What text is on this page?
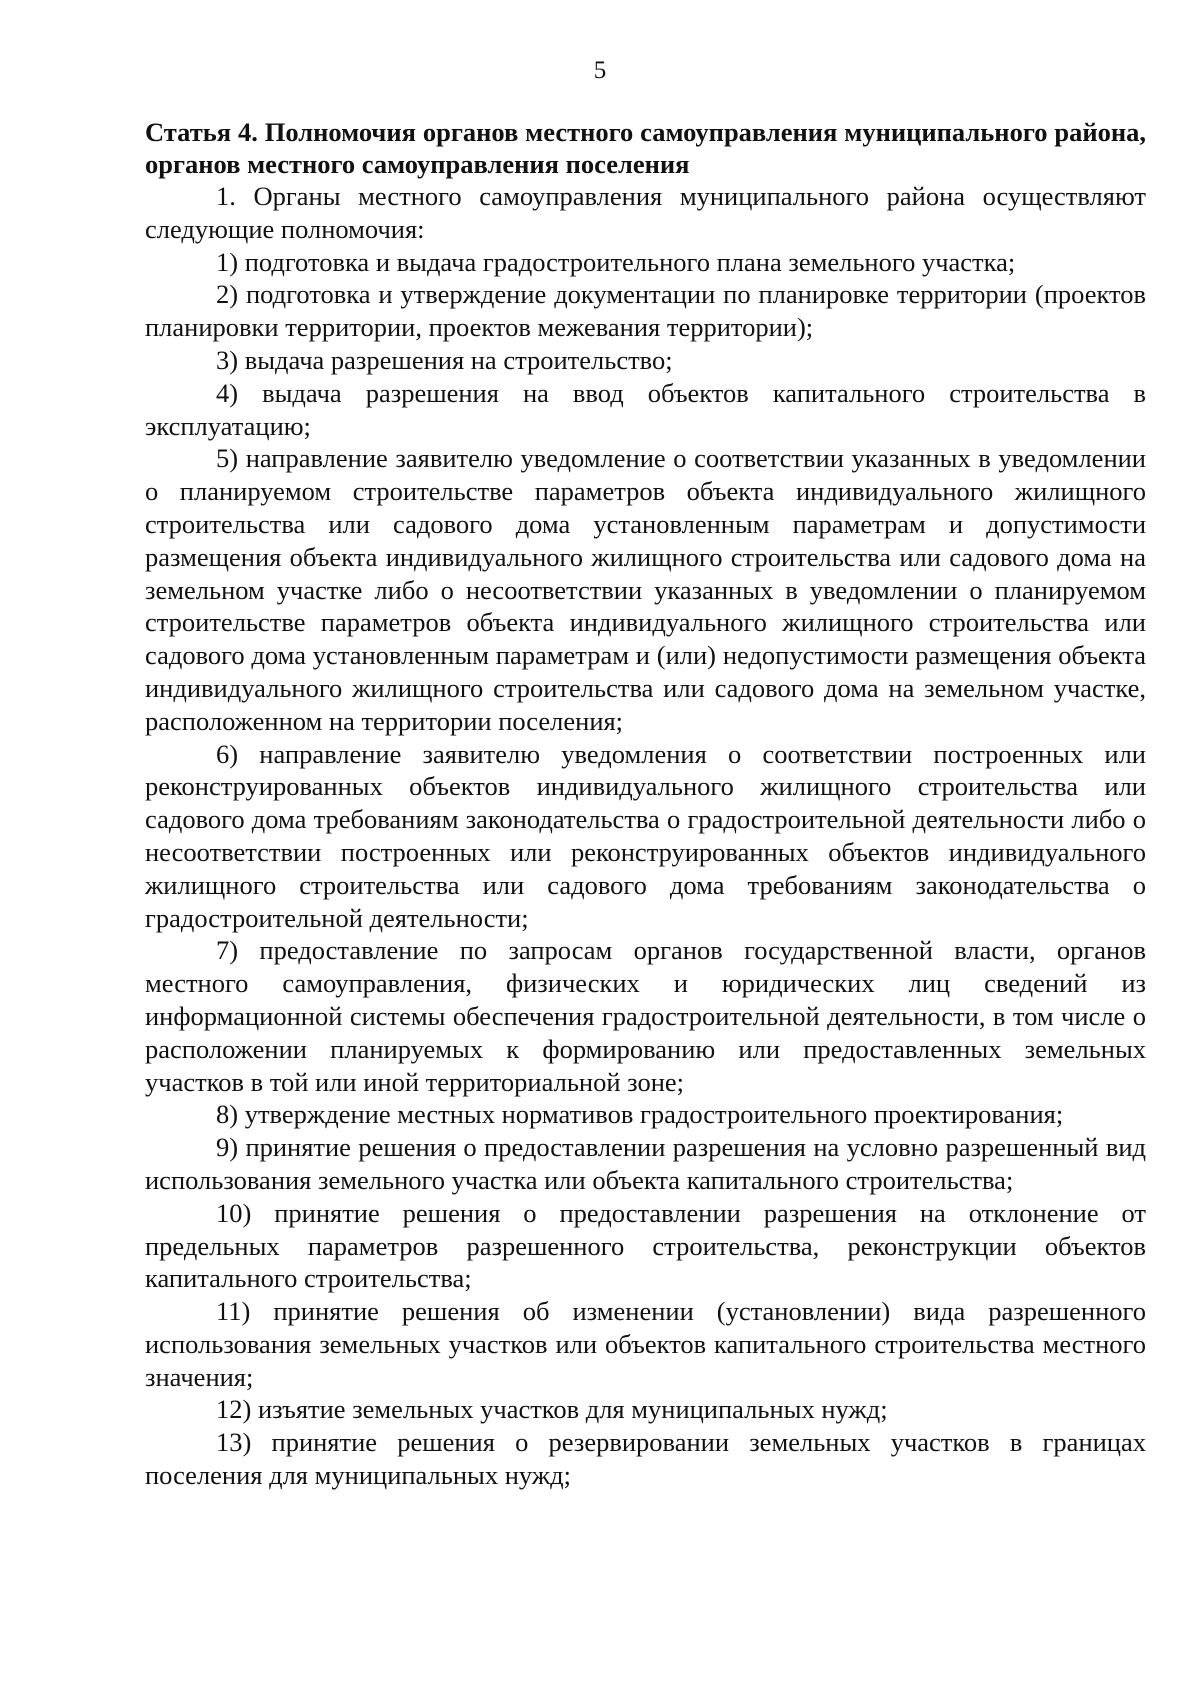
5

Статья 4. Полномочия органов местного самоуправления муниципального района, органов местного самоуправления поселения

1. Органы местного самоуправления муниципального района осуществляют следующие полномочия:

1) подготовка и выдача градостроительного плана земельного участка;

2) подготовка и утверждение документации по планировке территории (проектов планировки территории, проектов межевания территории);

3) выдача разрешения на строительство;

4) выдача разрешения на ввод объектов капитального строительства в эксплуатацию;

5) направление заявителю уведомление о соответствии указанных в уведомлении о планируемом строительстве параметров объекта индивидуального жилищного строительства или садового дома установленным параметрам и допустимости размещения объекта индивидуального жилищного строительства или садового дома на земельном участке либо о несоответствии указанных в уведомлении о планируемом строительстве параметров объекта индивидуального жилищного строительства или садового дома установленным параметрам и (или) недопустимости размещения объекта индивидуального жилищного строительства или садового дома на земельном участке, расположенном на территории поселения;

6) направление заявителю уведомления о соответствии построенных или реконструированных объектов индивидуального жилищного строительства или садового дома требованиям законодательства о градостроительной деятельности либо о несоответствии построенных или реконструированных объектов индивидуального жилищного строительства или садового дома требованиям законодательства о градостроительной деятельности;

7) предоставление по запросам органов государственной власти, органов местного самоуправления, физических и юридических лиц сведений из информационной системы обеспечения градостроительной деятельности, в том числе о расположении планируемых к формированию или предоставленных земельных участков в той или иной территориальной зоне;

8) утверждение местных нормативов градостроительного проектирования;

9) принятие решения о предоставлении разрешения на условно разрешенный вид использования земельного участка или объекта капитального строительства;

10) принятие решения о предоставлении разрешения на отклонение от предельных параметров разрешенного строительства, реконструкции объектов капитального строительства;

11) принятие решения об изменении (установлении) вида разрешенного использования земельных участков или объектов капитального строительства местного значения;

12) изъятие земельных участков для муниципальных нужд;

13) принятие решения о резервировании земельных участков в границах поселения для муниципальных нужд;
